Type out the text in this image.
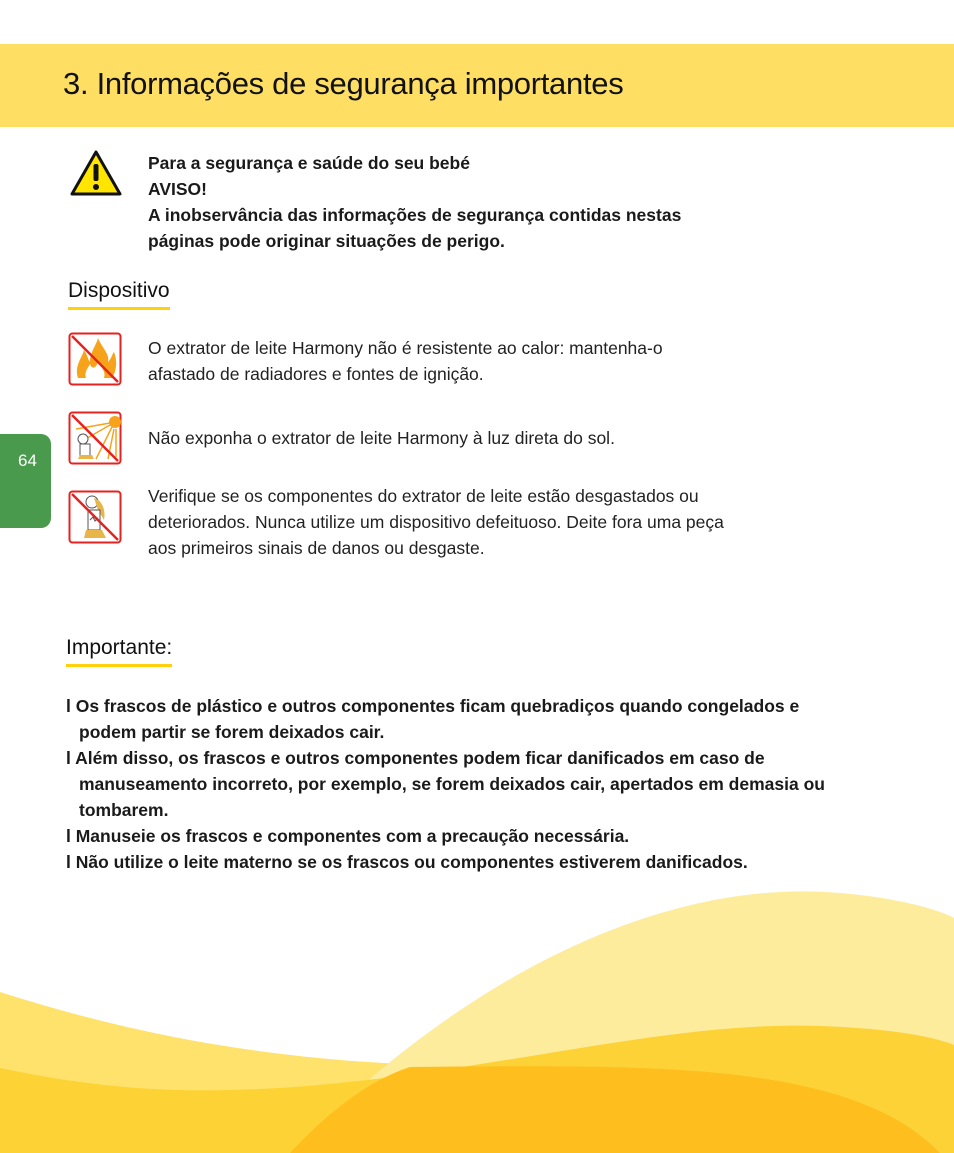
3. Informações de segurança importantes
Para a segurança e saúde do seu bebé
AVISO!
A inobservância das informações de segurança contidas nestas
páginas pode originar situações de perigo.
Dispositivo
O extrator de leite Harmony não é resistente ao calor: mantenha-o
afastado de radiadores e fontes de ignição.
Não exponha o extrator de leite Harmony à luz direta do sol.
Verifique se os componentes do extrator de leite estão desgastados ou
deteriorados. Nunca utilize um dispositivo defeituoso. Deite fora uma peça
aos primeiros sinais de danos ou desgaste.
64
Importante:
l Os frascos de plástico e outros componentes ficam quebradiços quando congelados e podem partir se forem deixados cair.
l Além disso, os frascos e outros componentes podem ficar danificados em caso de manuseamento incorreto, por exemplo, se forem deixados cair, apertados em demasia ou tombarem.
l Manuseie os frascos e componentes com a precaução necessária.
l Não utilize o leite materno se os frascos ou componentes estiverem danificados.
